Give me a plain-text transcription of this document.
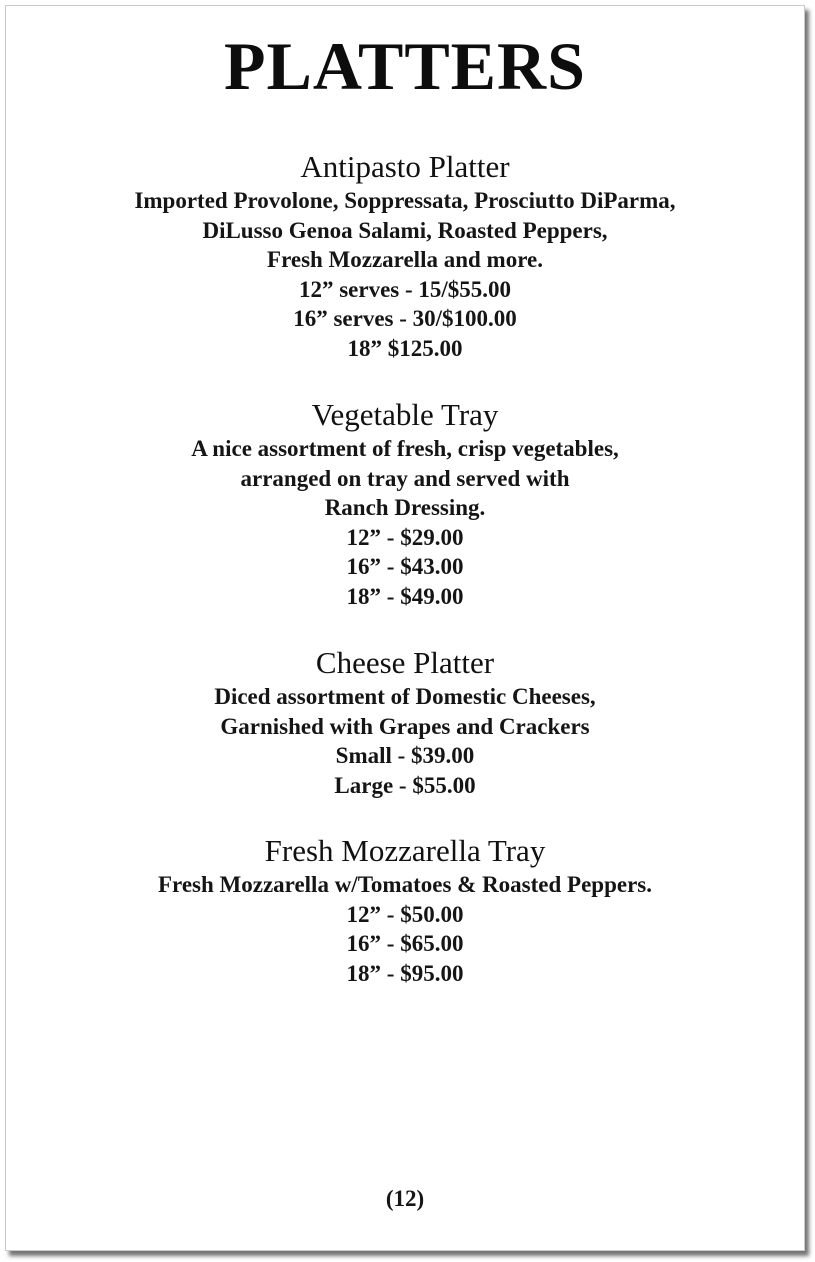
PLATTERS
Antipasto Platter
Imported Provolone, Soppressata, Prosciutto DiParma,
DiLusso Genoa Salami, Roasted Peppers,
Fresh Mozzarella and more.
12” serves - 15/$55.00
16” serves - 30/$100.00
18” $125.00
Vegetable Tray
A nice assortment of fresh, crisp vegetables,
arranged on tray and served with
Ranch Dressing.
12” - $29.00
16” - $43.00
18” - $49.00
Cheese Platter
Diced assortment of Domestic Cheeses,
Garnished with Grapes and Crackers
Small - $39.00
Large - $55.00
Fresh Mozzarella Tray
Fresh Mozzarella w/Tomatoes & Roasted Peppers.
12” - $50.00
16” - $65.00
18” - $95.00
(12)
